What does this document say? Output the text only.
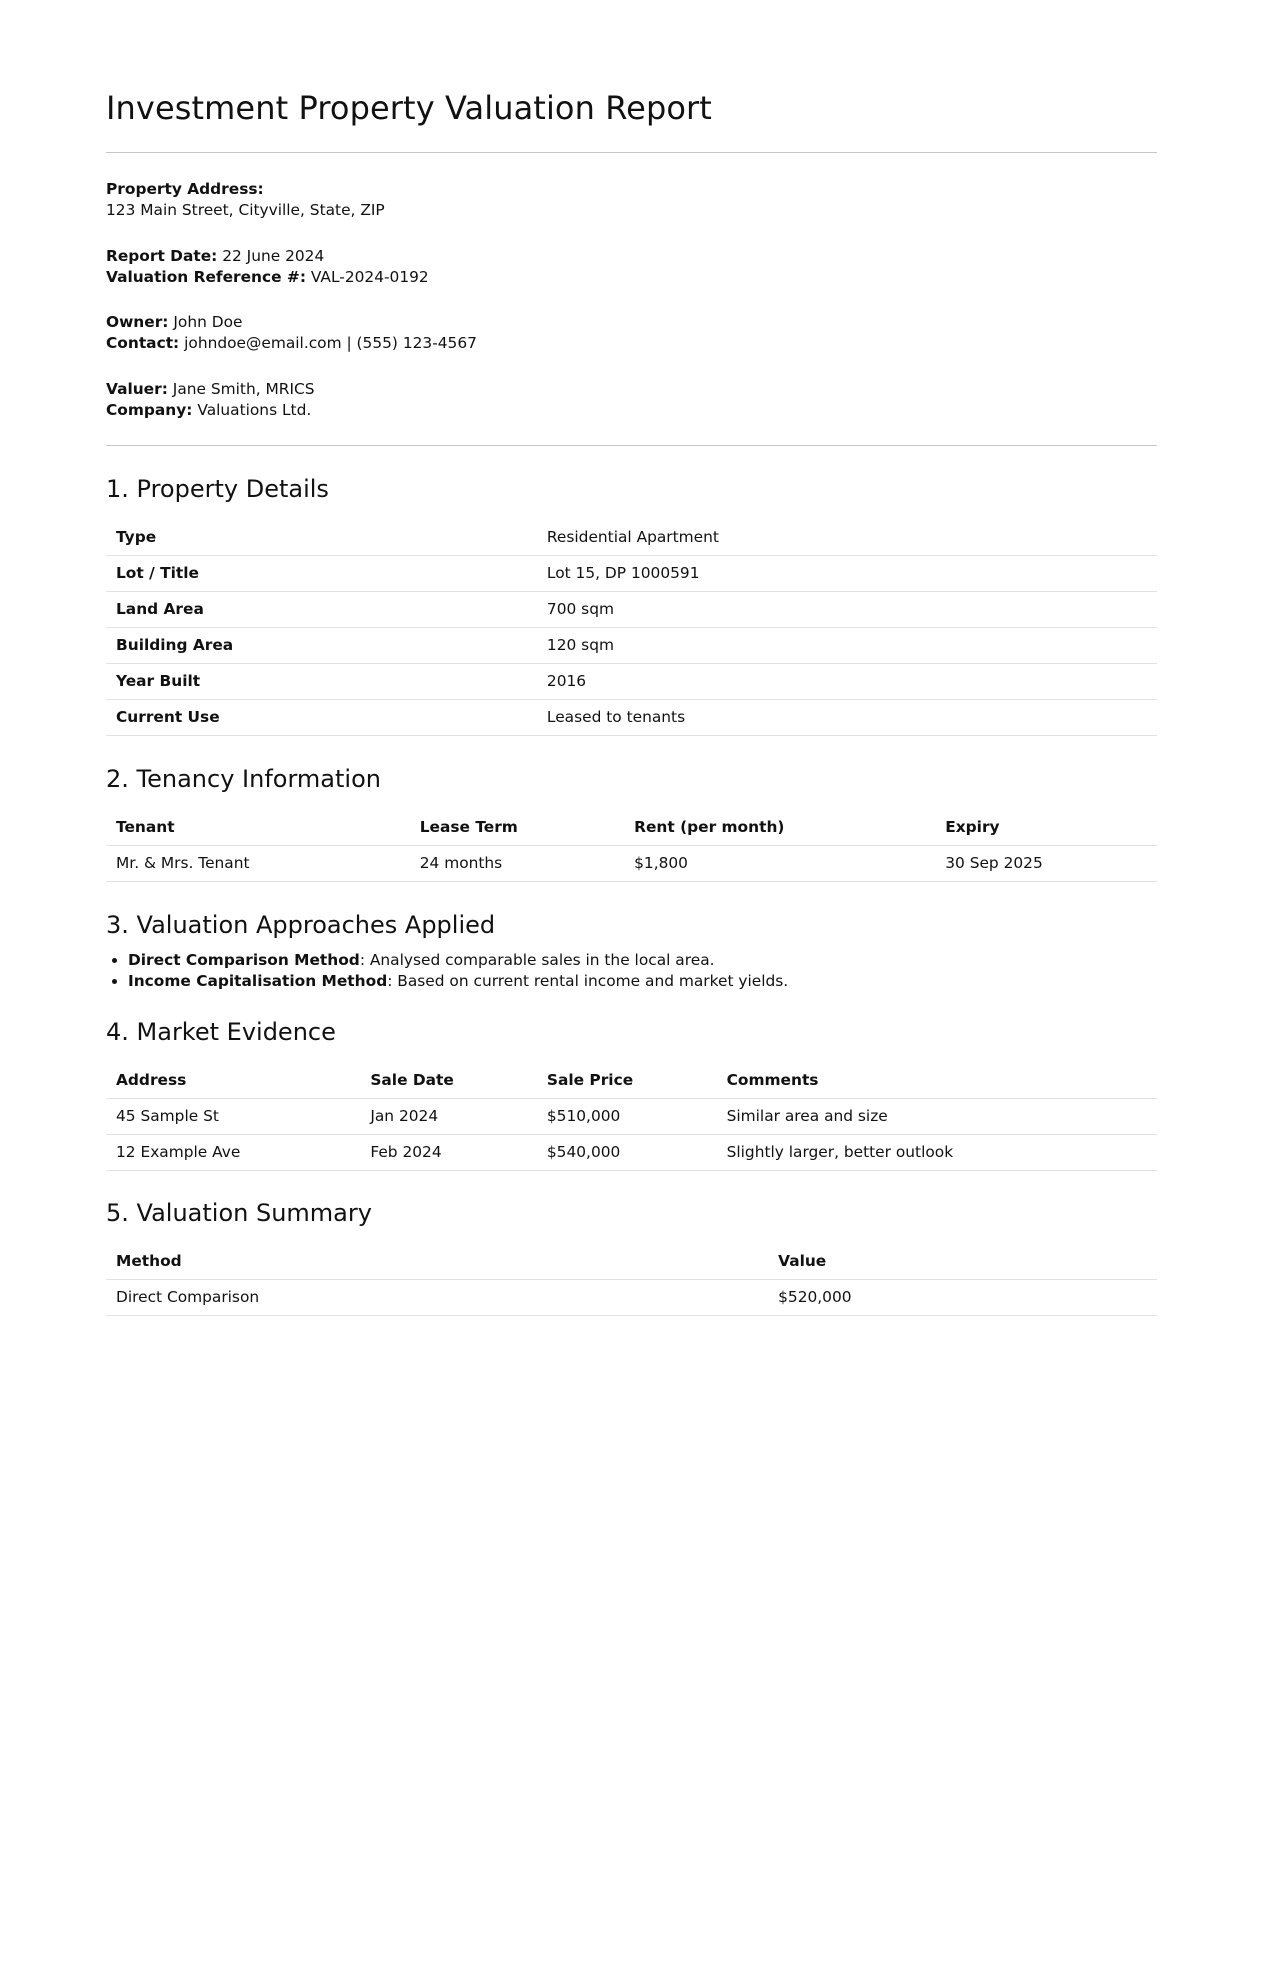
Investment Property Valuation Report

Property Address:
123 Main Street, Cityville, State, ZIP

Report Date: 22 June 2024
Valuation Reference #: VAL-2024-0192

Owner: John Doe
Contact: johndoe@email.com | (555) 123-4567

Valuer: Jane Smith, MRICS
Company: Valuations Ltd.

1. Property Details
Type	Residential Apartment
Lot / Title	Lot 15, DP 1000591
Land Area	700 sqm
Building Area	120 sqm
Year Built	2016
Current Use	Leased to tenants
2. Tenancy Information
Tenant	Lease Term	Rent (per month)	Expiry
Mr. & Mrs. Tenant	24 months	$1,800	30 Sep 2025
3. Valuation Approaches Applied
• Direct Comparison Method: Analysed comparable sales in the local area.
• Income Capitalisation Method: Based on current rental income and market yields.
4. Market Evidence
Address	Sale Date	Sale Price	Comments
45 Sample St	Jan 2024	$510,000	Similar area and size
12 Example Ave	Feb 2024	$540,000	Slightly larger, better outlook
5. Valuation Summary
Method	Value
Direct Comparison	$520,000
